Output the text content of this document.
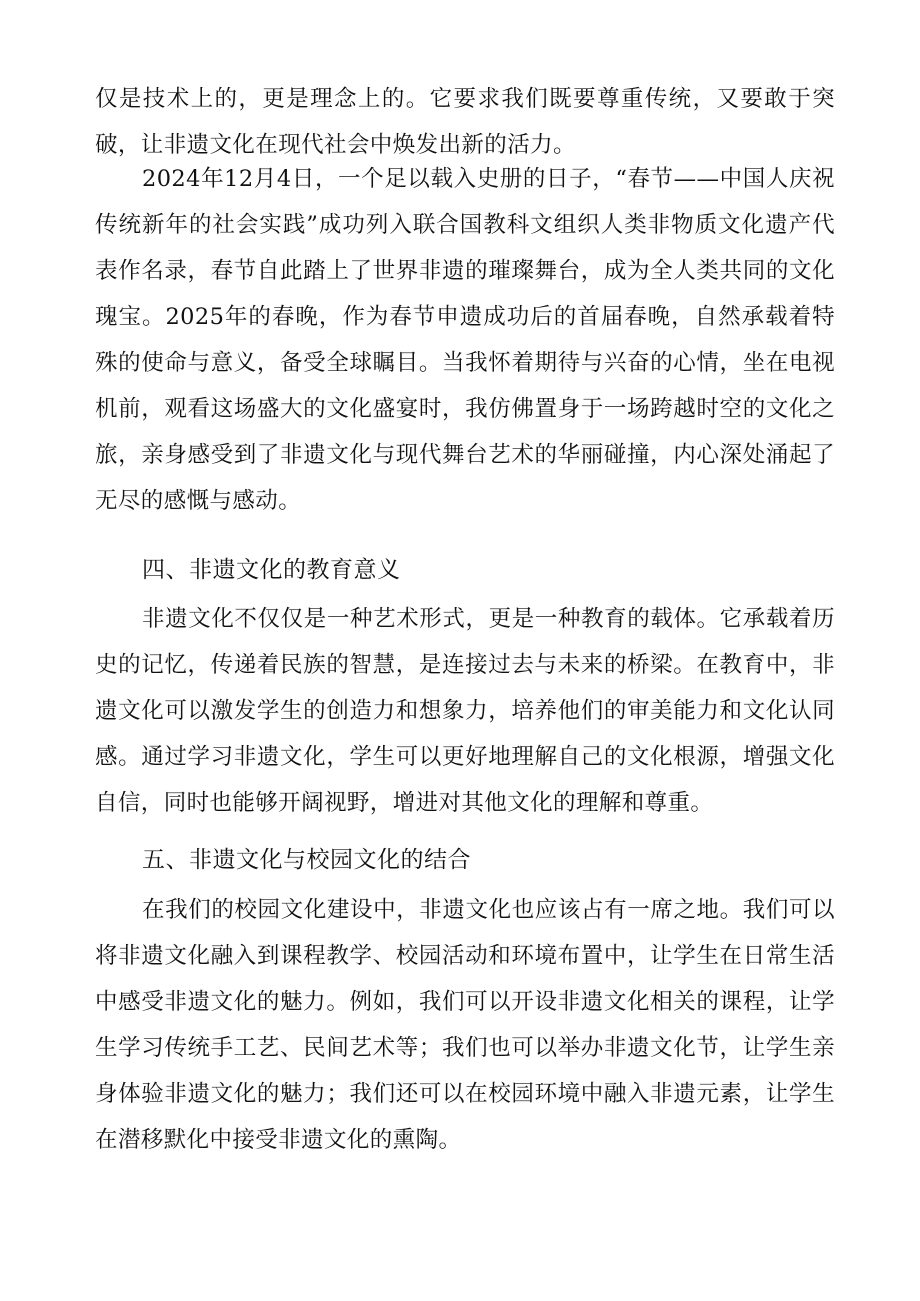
仅是技术上的，更是理念上的。它要求我们既要尊重传统，又要敢于突破，让非遗文化在现代社会中焕发出新的活力。

2024年12月4日，一个足以载入史册的日子，“春节——中国人庆祝传统新年的社会实践”成功列入联合国教科文组织人类非物质文化遗产代表作名录，春节自此踏上了世界非遗的璀璨舞台，成为全人类共同的文化瑰宝。2025年的春晚，作为春节申遗成功后的首届春晚，自然承载着特殊的使命与意义，备受全球瞩目。当我怀着期待与兴奋的心情，坐在电视机前，观看这场盛大的文化盛宴时，我仿佛置身于一场跨越时空的文化之旅，亲身感受到了非遗文化与现代舞台艺术的华丽碰撞，内心深处涌起了无尽的感慨与感动。

四、非遗文化的教育意义

非遗文化不仅仅是一种艺术形式，更是一种教育的载体。它承载着历史的记忆，传递着民族的智慧，是连接过去与未来的桥梁。在教育中，非遗文化可以激发学生的创造力和想象力，培养他们的审美能力和文化认同感。通过学习非遗文化，学生可以更好地理解自己的文化根源，增强文化自信，同时也能够开阔视野，增进对其他文化的理解和尊重。

五、非遗文化与校园文化的结合

在我们的校园文化建设中，非遗文化也应该占有一席之地。我们可以将非遗文化融入到课程教学、校园活动和环境布置中，让学生在日常生活中感受非遗文化的魅力。例如，我们可以开设非遗文化相关的课程，让学生学习传统手工艺、民间艺术等；我们也可以举办非遗文化节，让学生亲身体验非遗文化的魅力；我们还可以在校园环境中融入非遗元素，让学生在潜移默化中接受非遗文化的熏陶。
